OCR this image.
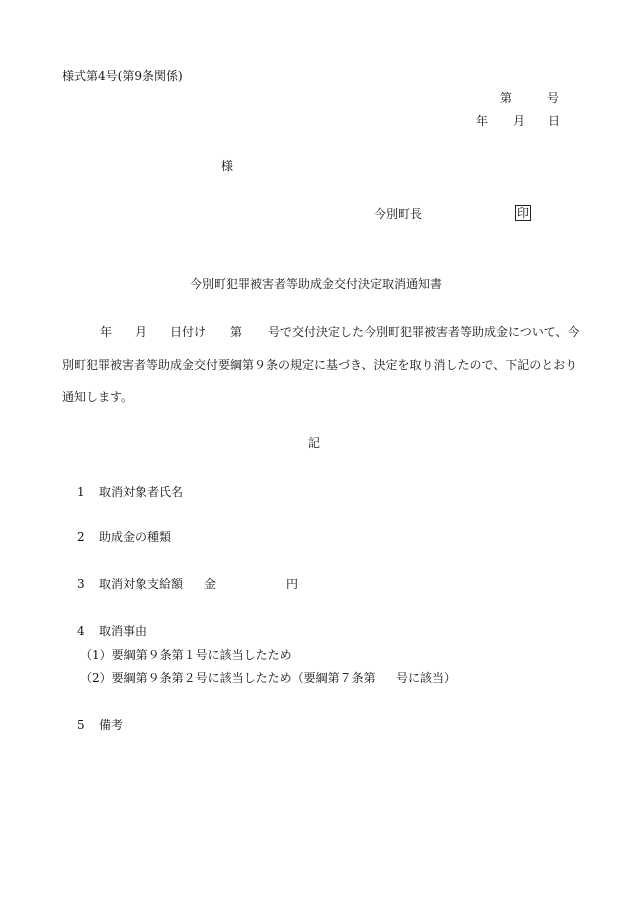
様式第4号(第9条関係)
第	号
年 月 日
様
今別町長	印
今別町犯罪被害者等助成金交付決定取消通知書
年 月 日付け 第 号で交付決定した今別町犯罪被害者等助成金について、今
別町犯罪被害者等助成金交付要綱第９条の規定に基づき、決定を取り消したので、下記のとおり
通知します。
記
1 取消対象者氏名
2 助成金の種類
3 取消対象支給額 金	円
4 取消事由
（1）要綱第９条第１号に該当したため
（2）要綱第９条第２号に該当したため（要綱第７条第 号に該当）
5 備考
